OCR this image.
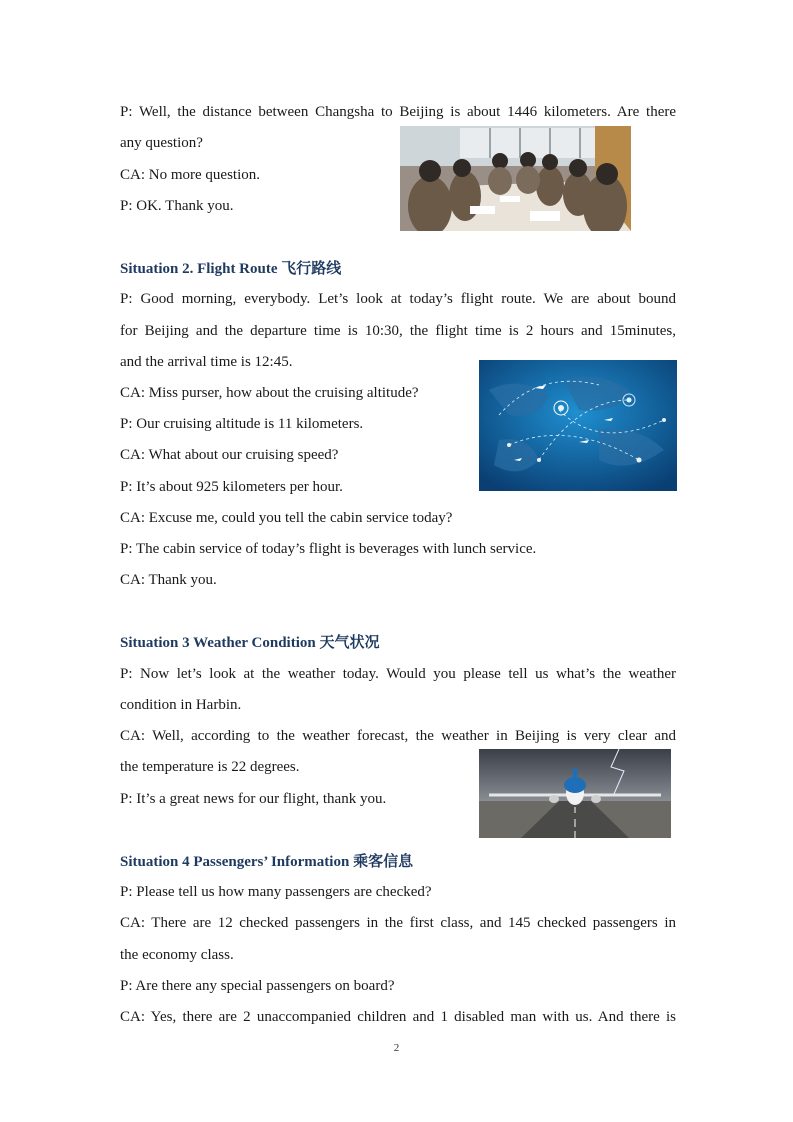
P: Well, the distance between Changsha to Beijing is about 1446 kilometers. Are there
any question?
CA: No more question.
P: OK. Thank you.
Situation 2. Flight Route 飞行路线
P: Good morning, everybody. Let’s look at today’s flight route. We are about bound
for Beijing and the departure time is 10:30, the flight time is 2 hours and 15minutes,
and the arrival time is 12:45.
CA: Miss purser, how about the cruising altitude?
P: Our cruising altitude is 11 kilometers.
CA: What about our cruising speed?
P: It’s about 925 kilometers per hour.
CA: Excuse me, could you tell the cabin service today?
P: The cabin service of today’s flight is beverages with lunch service.
CA: Thank you.
Situation 3 Weather Condition 天气状况
P: Now let’s look at the weather today. Would you please tell us what’s the weather
condition in Harbin.
CA: Well, according to the weather forecast, the weather in Beijing is very clear and
the temperature is 22 degrees.
P: It’s a great news for our flight, thank you.
Situation 4 Passengers’ Information 乘客信息
P: Please tell us how many passengers are checked?
CA: There are 12 checked passengers in the first class, and 145 checked passengers in
the economy class.
P: Are there any special passengers on board?
CA: Yes, there are 2 unaccompanied children and 1 disabled man with us. And there is
2
